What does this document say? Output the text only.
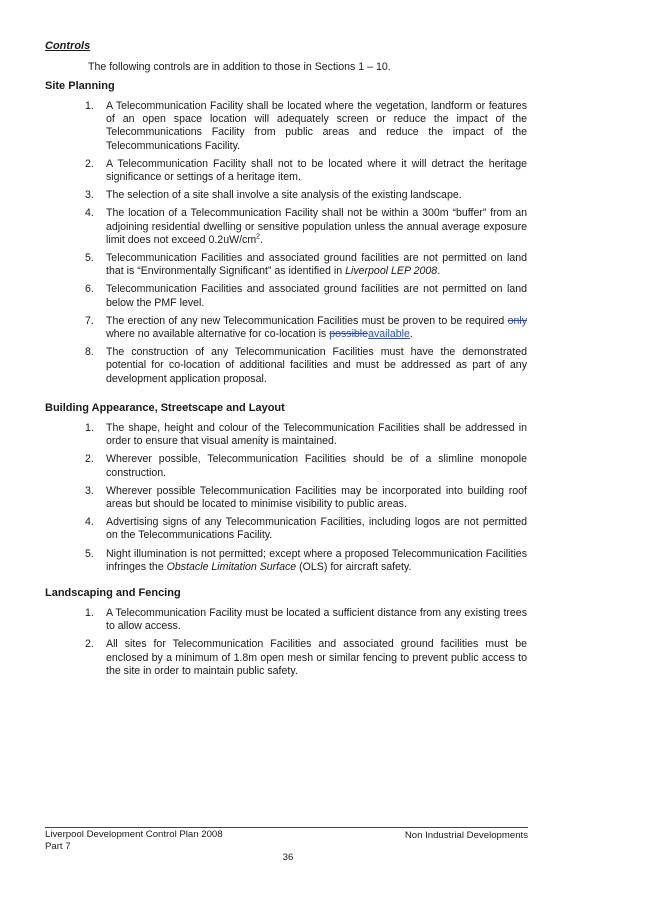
Controls
The following controls are in addition to those in Sections 1 – 10.
Site Planning
1. A Telecommunication Facility shall be located where the vegetation, landform or features of an open space location will adequately screen or reduce the impact of the Telecommunications Facility from public areas and reduce the impact of the Telecommunications Facility.
2. A Telecommunication Facility shall not to be located where it will detract the heritage significance or settings of a heritage item.
3. The selection of a site shall involve a site analysis of the existing landscape.
4. The location of a Telecommunication Facility shall not be within a 300m “buffer” from an adjoining residential dwelling or sensitive population unless the annual average exposure limit does not exceed $0.2uW/cm^2$.
5. Telecommunication Facilities and associated ground facilities are not permitted on land that is “Environmentally Significant” as identified in Liverpool LEP 2008.
6. Telecommunication Facilities and associated ground facilities are not permitted on land below the PMF level.
7. The erection of any new Telecommunication Facilities must be proven to be required only where no available alternative for co-location is possibleavailable.
8. The construction of any Telecommunication Facilities must have the demonstrated potential for co-location of additional facilities and must be addressed as part of any development application proposal.
Building Appearance, Streetscape and Layout
1. The shape, height and colour of the Telecommunication Facilities shall be addressed in order to ensure that visual amenity is maintained.
2. Wherever possible, Telecommunication Facilities should be of a slimline monopole construction.
3. Wherever possible Telecommunication Facilities may be incorporated into building roof areas but should be located to minimise visibility to public areas.
4. Advertising signs of any Telecommunication Facilities, including logos are not permitted on the Telecommunications Facility.
5. Night illumination is not permitted; except where a proposed Telecommunication Facilities infringes the Obstacle Limitation Surface (OLS) for aircraft safety.
Landscaping and Fencing
1. A Telecommunication Facility must be located a sufficient distance from any existing trees to allow access.
2. All sites for Telecommunication Facilities and associated ground facilities must be enclosed by a minimum of 1.8m open mesh or similar fencing to prevent public access to the site in order to maintain public safety.
Liverpool Development Control Plan 2008
Part 7
Non Industrial Developments
36
